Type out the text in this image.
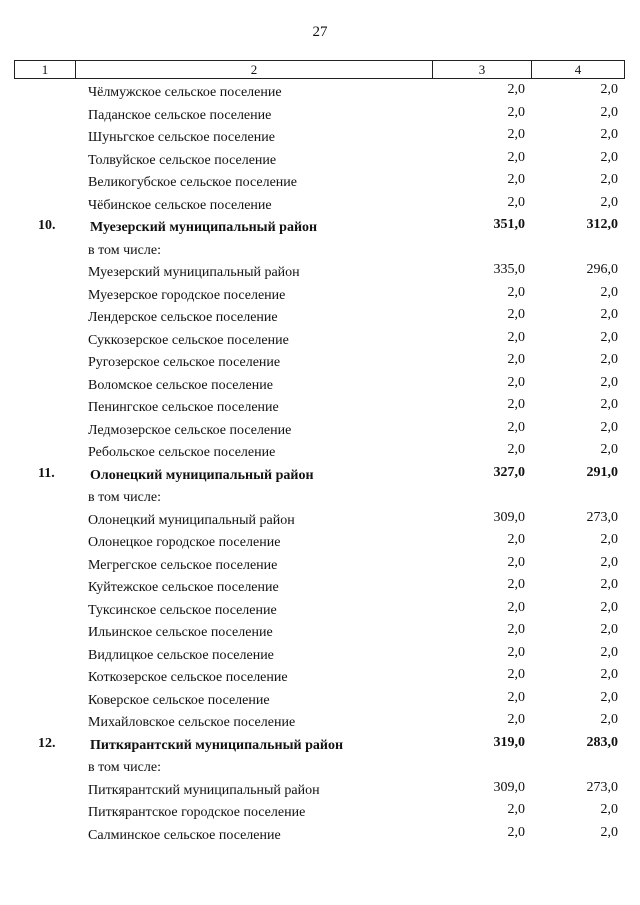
27
1	2	3	4
Чёлмужское сельское поселение	2,0	2,0
Паданское сельское поселение	2,0	2,0
Шуньгское сельское поселение	2,0	2,0
Толвуйское сельское поселение	2,0	2,0
Великогубское сельское поселение	2,0	2,0
Чёбинское сельское поселение	2,0	2,0
10. Муезерский муниципальный район	351,0	312,0
в том числе:
Муезерский муниципальный район	335,0	296,0
Муезерское городское поселение	2,0	2,0
Лендерское сельское поселение	2,0	2,0
Суккозерское сельское поселение	2,0	2,0
Ругозерское сельское поселение	2,0	2,0
Воломское сельское поселение	2,0	2,0
Пенингское сельское поселение	2,0	2,0
Ледмозерское сельское поселение	2,0	2,0
Ребольское сельское поселение	2,0	2,0
11.	Олонецкий муниципальный район	327,0	291,0
в том числе:
Олонецкий муниципальный район	309,0	273,0
Олонецкое городское поселение	2,0	2,0
Мегрегское сельское поселение	2,0	2,0
Куйтежское сельское поселение	2,0	2,0
Туксинское сельское поселение	2,0	2,0
Ильинское сельское поселение	2,0	2,0
Видлицкое сельское поселение	2,0	2,0
Коткозерское сельское поселение	2,0	2,0
Коверское сельское поселение	2,0	2,0
Михайловское сельское поселение	2,0	2,0
12. Питкярантский муниципальный район	319,0	283,0
в том числе:
Питкярантский муниципальный район	309,0	273,0
Питкярантское городское поселение	2,0	2,0
Салминское сельское поселение	2,0	2,0
